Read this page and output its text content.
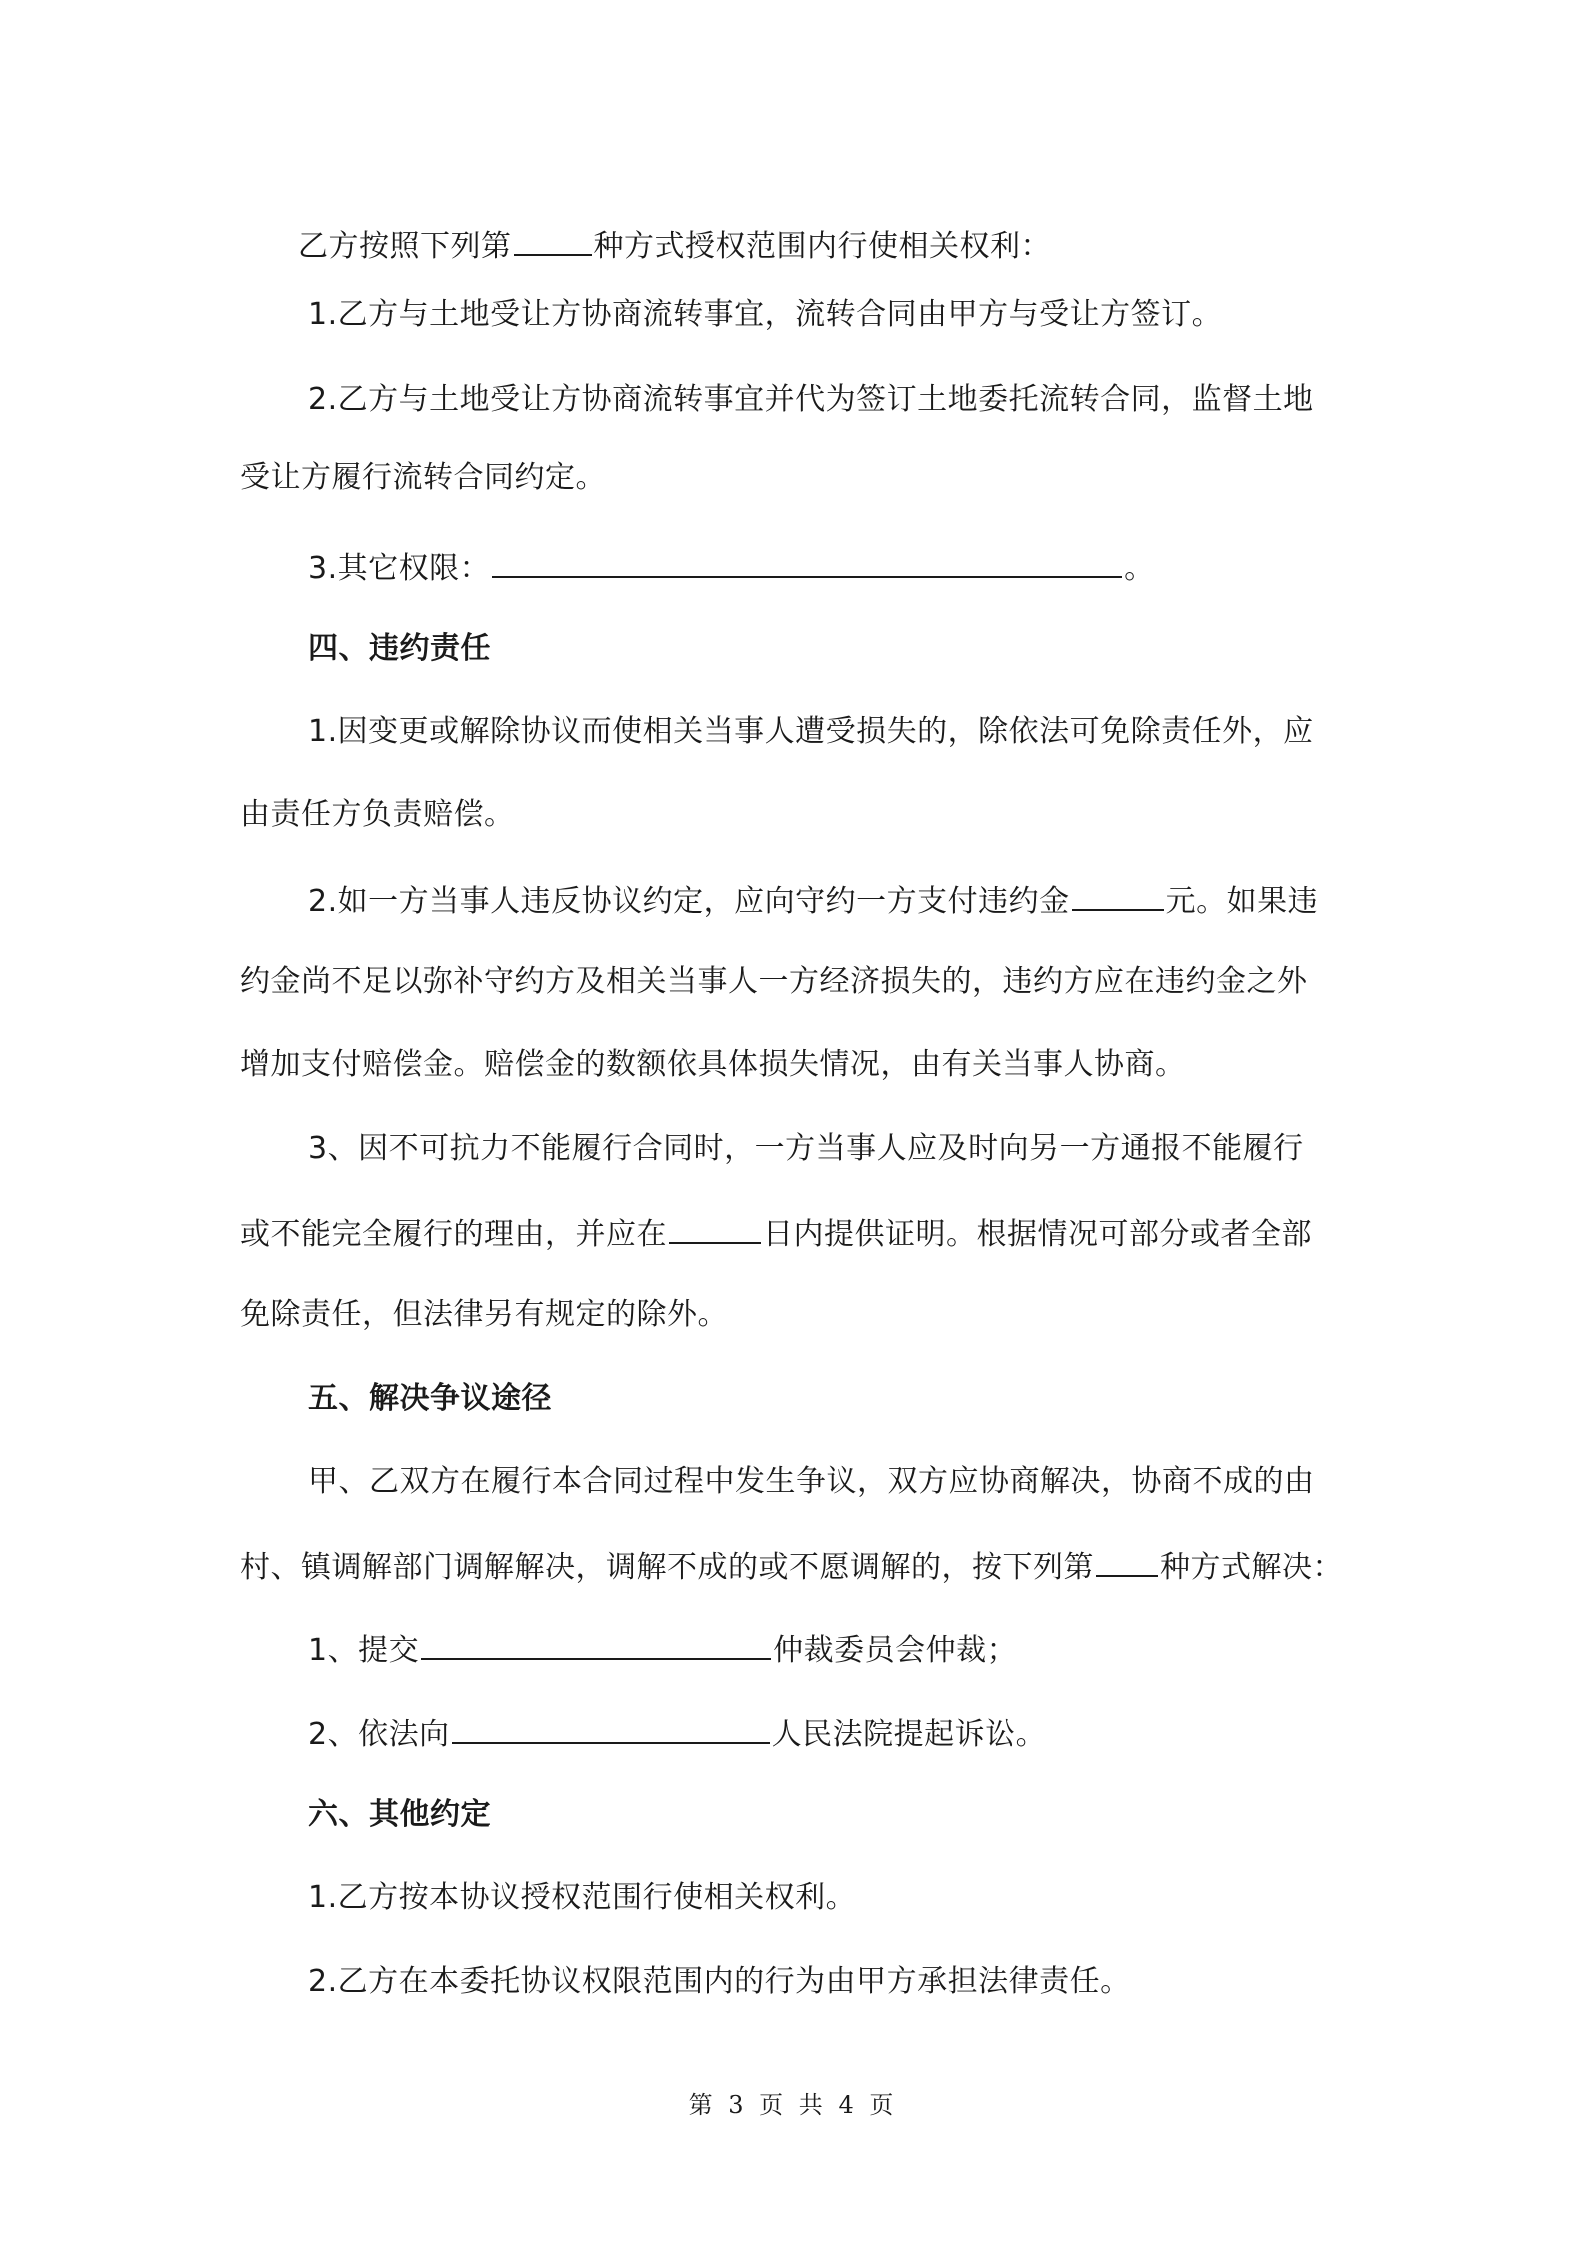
乙方按照下列第	种方式授权范围内行使相关权利：
1.乙方与土地受让方协商流转事宜，流转合同由甲方与受让方签订。
2.乙方与土地受让方协商流转事宜并代为签订土地委托流转合同，监督土地
受让方履行流转合同约定。
3.其它权限：	。
四、违约责任
1.因变更或解除协议而使相关当事人遭受损失的，除依法可免除责任外，应
由责任方负责赔偿。
2.如一方当事人违反协议约定，应向守约一方支付违约金	元。如果违
约金尚不足以弥补守约方及相关当事人一方经济损失的，违约方应在违约金之外
增加支付赔偿金。赔偿金的数额依具体损失情况，由有关当事人协商。
3、因不可抗力不能履行合同时，一方当事人应及时向另一方通报不能履行
或不能完全履行的理由，并应在	日内提供证明。根据情况可部分或者全部
免除责任，但法律另有规定的除外。
五、解决争议途径
甲、乙双方在履行本合同过程中发生争议，双方应协商解决，协商不成的由
村、镇调解部门调解解决，调解不成的或不愿调解的，按下列第 种方式解决：
1、提交	仲裁委员会仲裁；
2、依法向	人民法院提起诉讼。
六、其他约定
1.乙方按本协议授权范围行使相关权利。
2.乙方在本委托协议权限范围内的行为由甲方承担法律责任。
第 3 页 共 4 页
